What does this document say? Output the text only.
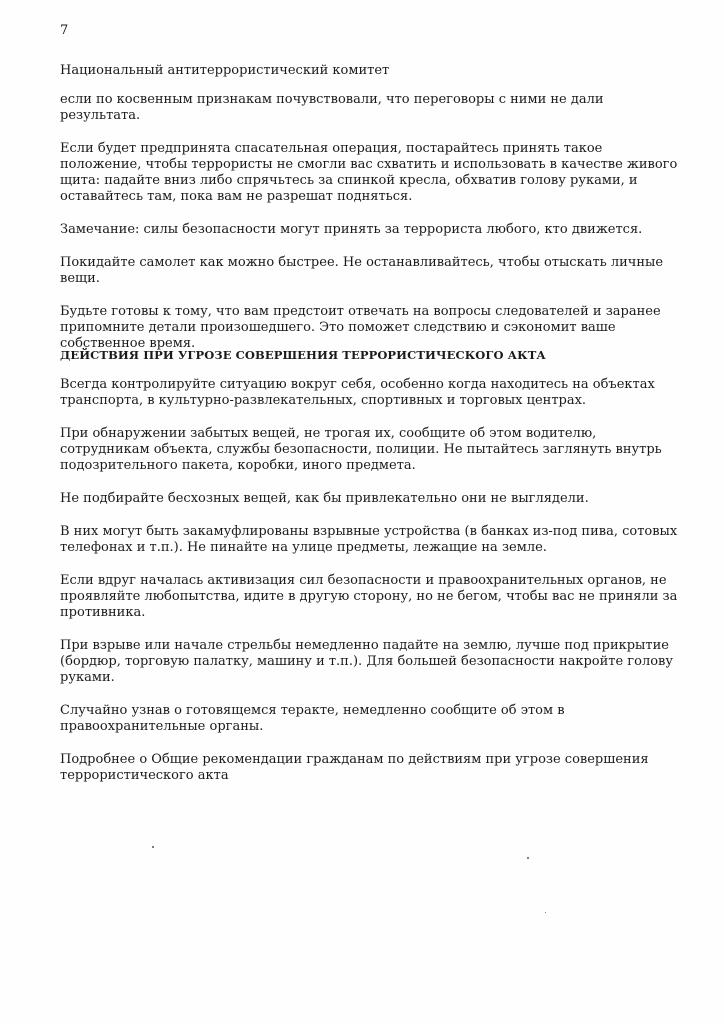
7
Национальный антитеррористический комитет

если по косвенным признакам почувствовали, что переговоры с ними не дали результата.

Если будет предпринята спасательная операция, постарайтесь принять такое положение, чтобы террористы не смогли вас схватить и использовать в качестве живого щита: падайте вниз либо спрячьтесь за спинкой кресла, обхватив голову руками, и оставайтесь там, пока вам не разрешат подняться.

Замечание: силы безопасности могут принять за террориста любого, кто движется.

Покидайте самолет как можно быстрее. Не останавливайтесь, чтобы отыскать личные вещи.

Будьте готовы к тому, что вам предстоит отвечать на вопросы следователей и заранее припомните детали произошедшего. Это поможет следствию и сэкономит ваше собственное время.

ДЕЙСТВИЯ ПРИ УГРОЗЕ СОВЕРШЕНИЯ ТЕРРОРИСТИЧЕСКОГО АКТА

Всегда контролируйте ситуацию вокруг себя, особенно когда находитесь на объектах транспорта, в культурно-развлекательных, спортивных и торговых центрах.

При обнаружении забытых вещей, не трогая их, сообщите об этом водителю, сотрудникам объекта, службы безопасности, полиции. Не пытайтесь заглянуть внутрь подозрительного пакета, коробки, иного предмета.

Не подбирайте бесхозных вещей, как бы привлекательно они не выглядели.

В них могут быть закамуфлированы взрывные устройства (в банках из-под пива, сотовых телефонах и т.п.). Не пинайте на улице предметы, лежащие на земле.

Если вдруг началась активизация сил безопасности и правоохранительных органов, не проявляйте любопытства, идите в другую сторону, но не бегом, чтобы вас не приняли за противника.

При взрыве или начале стрельбы немедленно падайте на землю, лучше под прикрытие (бордюр, торговую палатку, машину и т.п.). Для большей безопасности накройте голову руками.

Случайно узнав о готовящемся теракте, немедленно сообщите об этом в правоохранительные органы.

Подробнее о Общие рекомендации гражданам по действиям при угрозе совершения террористического акта
